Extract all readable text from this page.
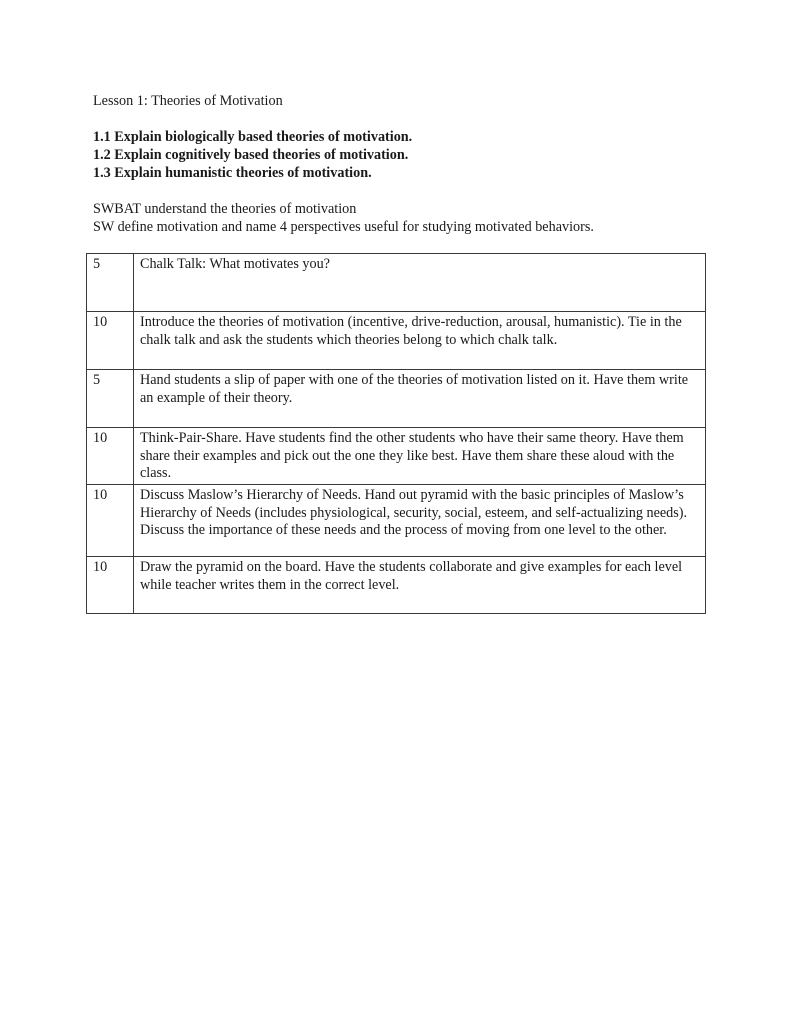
Lesson 1: Theories of Motivation
1.1 Explain biologically based theories of motivation.
1.2 Explain cognitively based theories of motivation.
1.3 Explain humanistic theories of motivation.
SWBAT understand the theories of motivation
SW define motivation and name 4 perspectives useful for studying motivated behaviors.
5	Chalk Talk: What motivates you?
10	Introduce the theories of motivation (incentive, drive-reduction, arousal, humanistic). Tie in the chalk talk and ask the students which theories belong to which chalk talk.
5	Hand students a slip of paper with one of the theories of motivation listed on it. Have them write an example of their theory.
10	Think-Pair-Share. Have students find the other students who have their same theory. Have them share their examples and pick out the one they like best. Have them share these aloud with the class.
10	Discuss Maslow’s Hierarchy of Needs. Hand out pyramid with the basic principles of Maslow’s Hierarchy of Needs (includes physiological, security, social, esteem, and self-actualizing needs). Discuss the importance of these needs and the process of moving from one level to the other.
10	Draw the pyramid on the board. Have the students collaborate and give examples for each level while teacher writes them in the correct level.
